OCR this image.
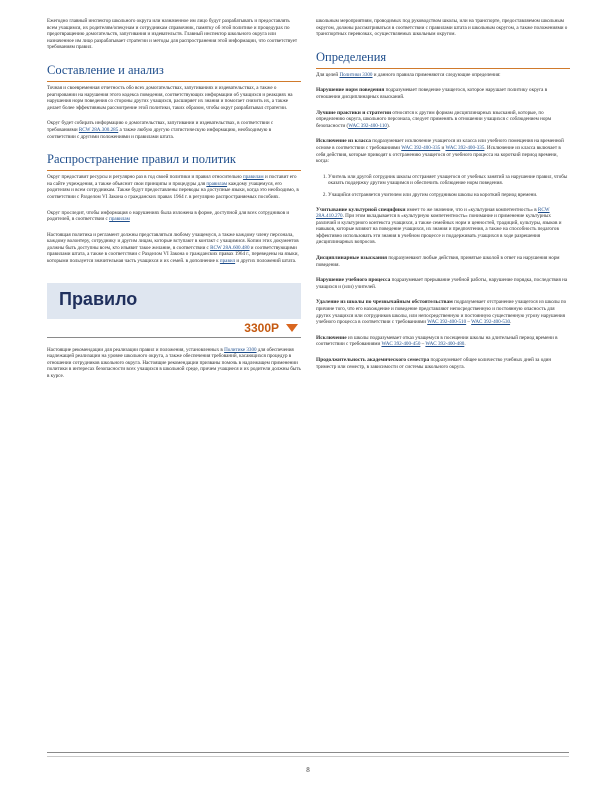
Ежегодно главный инспектор школьного округа или назначенное им лицо будут разрабатывать и предоставлять всем учащимся, их родителям/опекунам и сотрудникам справочник, памятку об этой политике и процедурах по предотвращению домогательств, запугивания и издевательств. Главный инспектор школьного округа или назначенное им лицо разрабатывает стратегии и методы для распространения этой информации, что соответствует требованиям правил.

Составление и анализ

Точная и своевременная отчетность обо всех домогательствах, запугиваниях и издевательствах, а также о реагировании на нарушения этого кодекса поведения, соответствующих информации об учащихся и реакциях на нарушения норм поведения со стороны других учащихся, расширяет их знания и помогает снизить их, а также делает более эффективным рассмотрение этой политики, таких образом, чтобы округ разрабатывал стратегии.

Округ будет собирать информацию о домогательствах, запугивании и издевательствах, в соответствии с требованиями RCW 28A.300.285 а также любую другую статистическую информацию, необходимую в соответствии с другими положениями и правилами штата.

Распространение правил и политик

Округ предоставит ресурсы и регулярно раз в год своей политики и правил относительно правилам и поставит его на сайте учреждения, а также объяснит свои принципы и процедуры для правилам каждому учащемуся, его родителям и всем сотрудникам. Также будут предоставлены переводы на доступные языки, когда это необходимо, в соответствии с Разделом VI Закона о гражданских правах 1964 г. в регулярно распространяемых пособиях.

Округ проследит, чтобы информация о нарушениях была изложена в форме, доступной для всех сотрудников и родителей, в соответствии с правилам

Настоящая политика и регламент должны представляться любому учащемуся, а также каждому члену персонала, каждому волонтеру, сотруднику и другим лицам, которые вступают в контакт с учащимися. Копии этих документов должны быть доступны всем, кто изъявит такое желание, в соответствии с RCW 28A.600.480 и соответствующими правилами штата, а также в соответствии с Разделом VI Закона о гражданских правах 1964 г., переведены на языки, которыми пользуется значительная часть учащихся и их семей. в дополнение к правил и других положений штата.

Правило
3300P

Настоящие рекомендации для реализации правил и положения, установленных в Политике 3300 для обеспечения надлежащей реализации на уровне школьного округа, а также обеспечения требований, касающихся процедур в отношении сотрудников школьного округа. Настоящие рекомендации призваны помочь в надлежащем применении политики в интересах безопасности всех учащихся в школьной среде, причем учащиеся и их родители должны быть в курсе.

школьным мероприятиям, проводимых под руководством школы, или на транспорте, предоставляемом школьным округом, должны рассматриваться в соответствии с правилами штата и школьным округом, а также положениями о транспортных перевозках, осуществляемых школьным округом.

Определения

Для целей Политики 3300 и данного правила применяются следующие определения:

Нарушение норм поведения подразумевает поведение учащегося, которое нарушает политику округа в отношении дисциплинарных взысканий.

Лучшие практики и стратегии относятся к другим формам дисциплинарных взысканий, которые, по определению округа, школьного персонала, следует применять в отношении учащихся с соблюдением норм безопасности (WAC 392-400-110).

Исключение из класса подразумевает исключение учащегося из класса или учебного помещения на временной основе в соответствии с требованиями WAC 392-400-335 и WAC 392-400-335. Исключение из класса включает в себя действия, которые приводят к отстранению учащегося от учебного процесса на короткий период времени, когда:

1. Учитель или другой сотрудник школы отстраняет учащегося от учебных занятий за нарушение правил, чтобы оказать поддержку другим учащимся и обеспечить соблюдение норм поведения.
2. Учащийся отстраняется учителем или другим сотрудником школы на короткий период времени.

Учитывание культурной специфики имеет то же значение, что и «культурная компетентность» в RCW 28A.410.270. При этом вкладывается в «культурную компетентность» понимание и применение культурных различий и культурного контекста учащихся, а также семейных норм и ценностей, традиций, культуры, языков и навыков, которые влияют на поведение учащихся, их знания и предпочтения, а также на способность педагогов эффективно использовать эти знания в учебном процессе и поддерживать учащихся в ходе разрешения дисциплинарных вопросов.

Дисциплинарные взыскания подразумевают любые действия, принятые школой в ответ на нарушения норм поведения.

Нарушение учебного процесса подразумевает прерывание учебной работы, нарушение порядка, последствия на учащихся и (или) учителей.

Удаление из школы по чрезвычайным обстоятельствам подразумевает отстранение учащегося из школы по причине того, что его нахождение и поведение представляют непосредственную и постоянную опасность для других учащихся или сотрудников школы, или непосредственную и постоянную существенную угрозу нарушения учебного процесса в соответствии с требованиями WAC 392-400-510 – WAC 392-400-530.

Исключение из школы подразумевает отказ учащемуся в посещении школы на длительный период времени в соответствии с требованиями WAC 392-400-450 – WAC 392-400-480.

Продолжительность академического семестра подразумевает общее количество учебных дней за один триместр или семестр, в зависимости от системы школьного округа.

8
